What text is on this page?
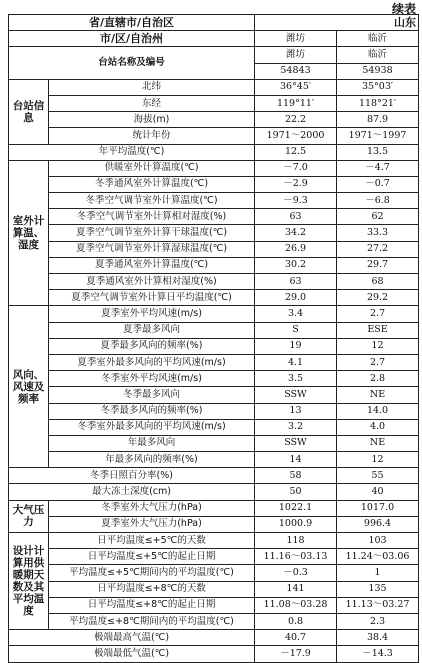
续表
省/直辖市/自治区		山东	
市/区/自治州		潍坊	临沂
台站名称及编号		潍坊	临沂
		54843	54938
台站信息	北纬	36°45′	35°03′
	东经	119°11′	118°21′
	海拔(m)	22.2	87.9
	统计年份	1971～2000	1971～1997
年平均温度(℃)		12.5	13.5
室外计算温、湿度	供暖室外计算温度(℃)	－7.0	－4.7
	冬季通风室外计算温度(℃)	－2.9	－0.7
	冬季空气调节室外计算温度(℃)	－9.3	－6.8
	冬季空气调节室外计算相对湿度(%)	63	62
	夏季空气调节室外计算干球温度(℃)	34.2	33.3
	夏季空气调节室外计算湿球温度(℃)	26.9	27.2
	夏季通风室外计算温度(℃)	30.2	29.7
	夏季通风室外计算相对湿度(%)	63	68
	夏季空气调节室外计算日平均温度(℃)	29.0	29.2
风向、风速及频率	夏季室外平均风速(m/s)	3.4	2.7
	夏季最多风向	S	ESE
	夏季最多风向的频率(%)	19	12
	夏季室外最多风向的平均风速(m/s)	4.1	2.7
	冬季室外平均风速(m/s)	3.5	2.8
	冬季最多风向	SSW	NE
	冬季最多风向的频率(%)	13	14.0
	冬季室外最多风向的平均风速(m/s)	3.2	4.0
	年最多风向	SSW	NE
	年最多风向的频率(%)	14	12
冬季日照百分率(%)		58	55
最大冻土深度(cm)		50	40
大气压力	冬季室外大气压力(hPa)	1022.1	1017.0
	夏季室外大气压力(hPa)	1000.9	996.4
设计计算用供暖期天数及其平均温度	日平均温度≤+5℃的天数	118	103
	日平均温度≤+5℃的起止日期	11.16～03.13	11.24～03.06
	平均温度≤+5℃期间内的平均温度(℃)	－0.3	1
	日平均温度≤+8℃的天数	141	135
	日平均温度≤+8℃的起止日期	11.08～03.28	11.13～03.27
	平均温度≤+8℃期间内的平均温度(℃)	0.8	2.3
极端最高气温(℃)		40.7	38.4
极端最低气温(℃)		－17.9	－14.3
